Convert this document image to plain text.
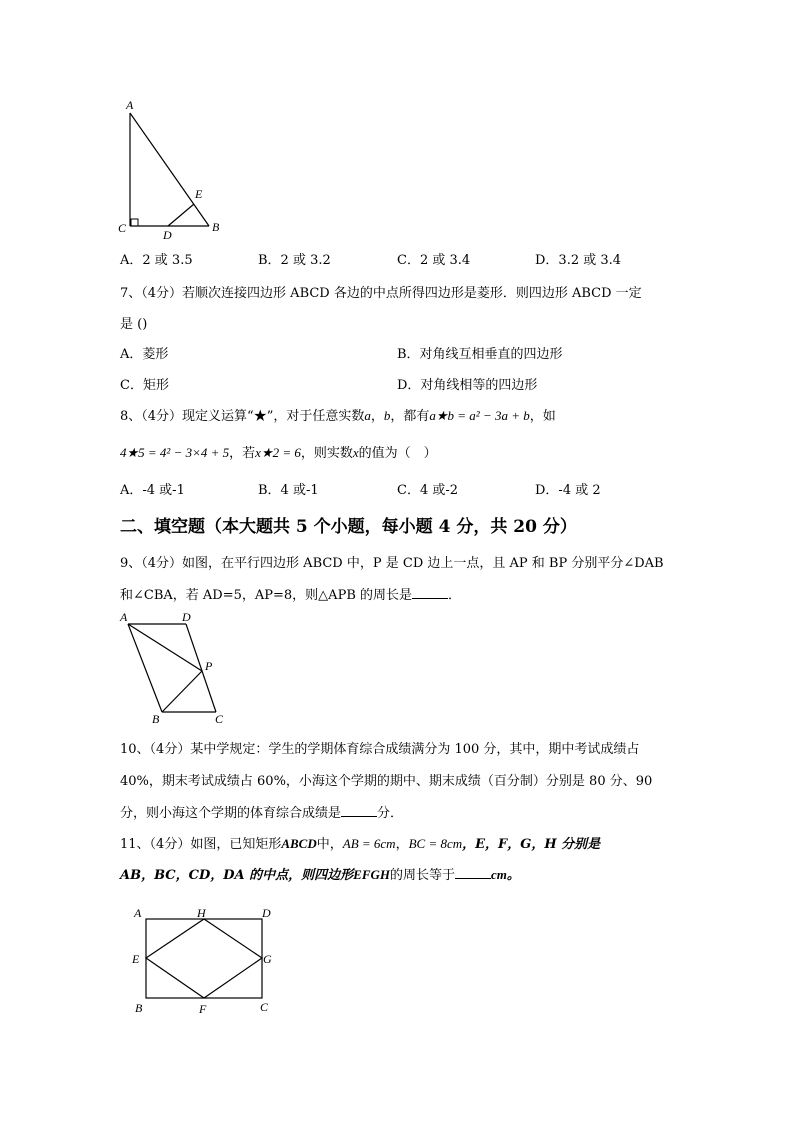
A
C	D
E
B
A．2 或 3.5	B．2 或 3.2	C．2 或 3.4	D．3.2 或 3.4
7、（4分）若顺次连接四边形 ABCD 各边的中点所得四边形是菱形．则四边形 ABCD 一定
是 ()
A．菱形	B．对角线互相垂直的四边形
C．矩形	D．对角线相等的四边形
8、（4分）现定义运算“★”，对于任意实数a，b，都有a★b = a² − 3a + b，如
4★5 = 4² − 3×4 + 5，若x★2 = 6，则实数x的值为（　）
A．-4 或-1	B．4 或-1	C．4 或-2	D．-4 或 2
二、填空题（本大题共 5 个小题，每小题 4 分，共 20 分）
9、（4分）如图，在平行四边形 ABCD 中，P 是 CD 边上一点，且 AP 和 BP 分别平分∠DAB
和∠CBA，若 AD=5，AP=8，则△APB 的周长是	．
A	D
P
B	C
10、（4分）某中学规定：学生的学期体育综合成绩满分为 100 分，其中，期中考试成绩占
40%，期末考试成绩占 60%，小海这个学期的期中、期末成绩（百分制）分别是 80 分、90
分，则小海这个学期的体育综合成绩是	分．
11、（4分）如图，已知矩形ABCD中，AB = 6cm，BC = 8cm，E，F，G，H 分别是
AB，BC，CD，DA 的中点，则四边形EFGH的周长等于	cm。
A	H	D
E	G
B	F	C
